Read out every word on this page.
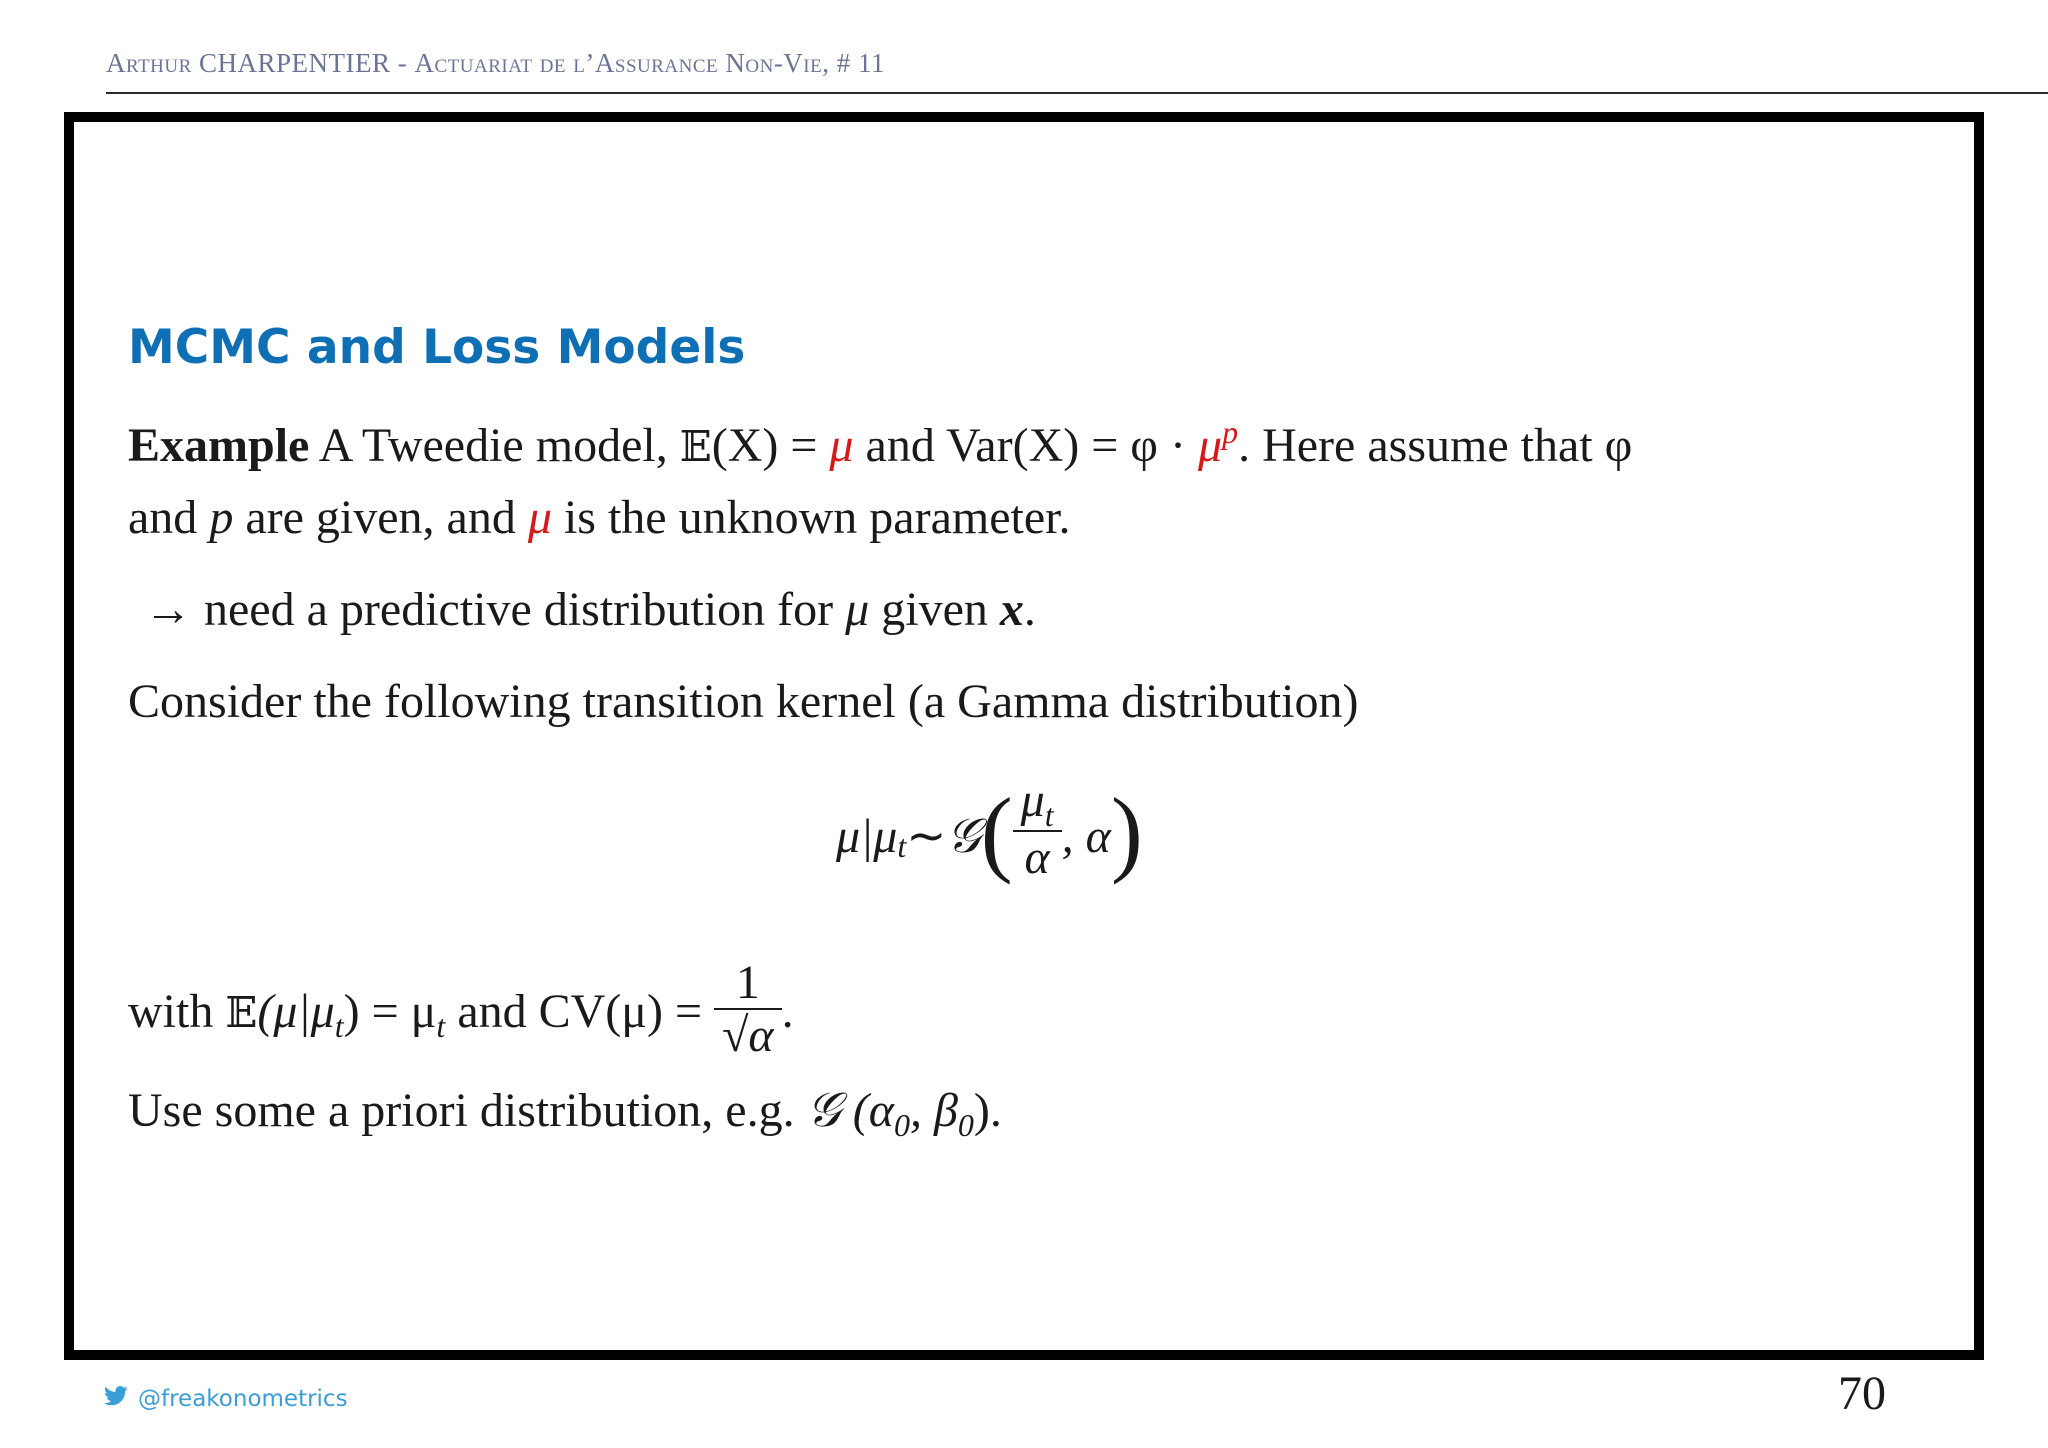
Arthur CHARPENTIER - Actuariat de l’Assurance Non-Vie, # 11
MCMC and Loss Models
Example A Tweedie model, 𝔼(X) = μ and $Var(X) = \varphi \cdot \mu^p$. Here assume that φ
and p are given, and μ is the unknown parameter.
→ need a predictive distribution for μ given x.
Consider the following transition kernel (a Gamma distribution)
μ|μ t ∼ 𝒢 ( $\frac{\mu_t}{\alpha}$ , α )
with $𝔼(\mu|\mu_t) = \mu_t$ and $CV(\mu) = \frac{1}{√\alpha}$ .
Use some a priori distribution, e.g. 𝒢 ($\alpha_0$, $\beta_0$).
@freakonometrics	70
